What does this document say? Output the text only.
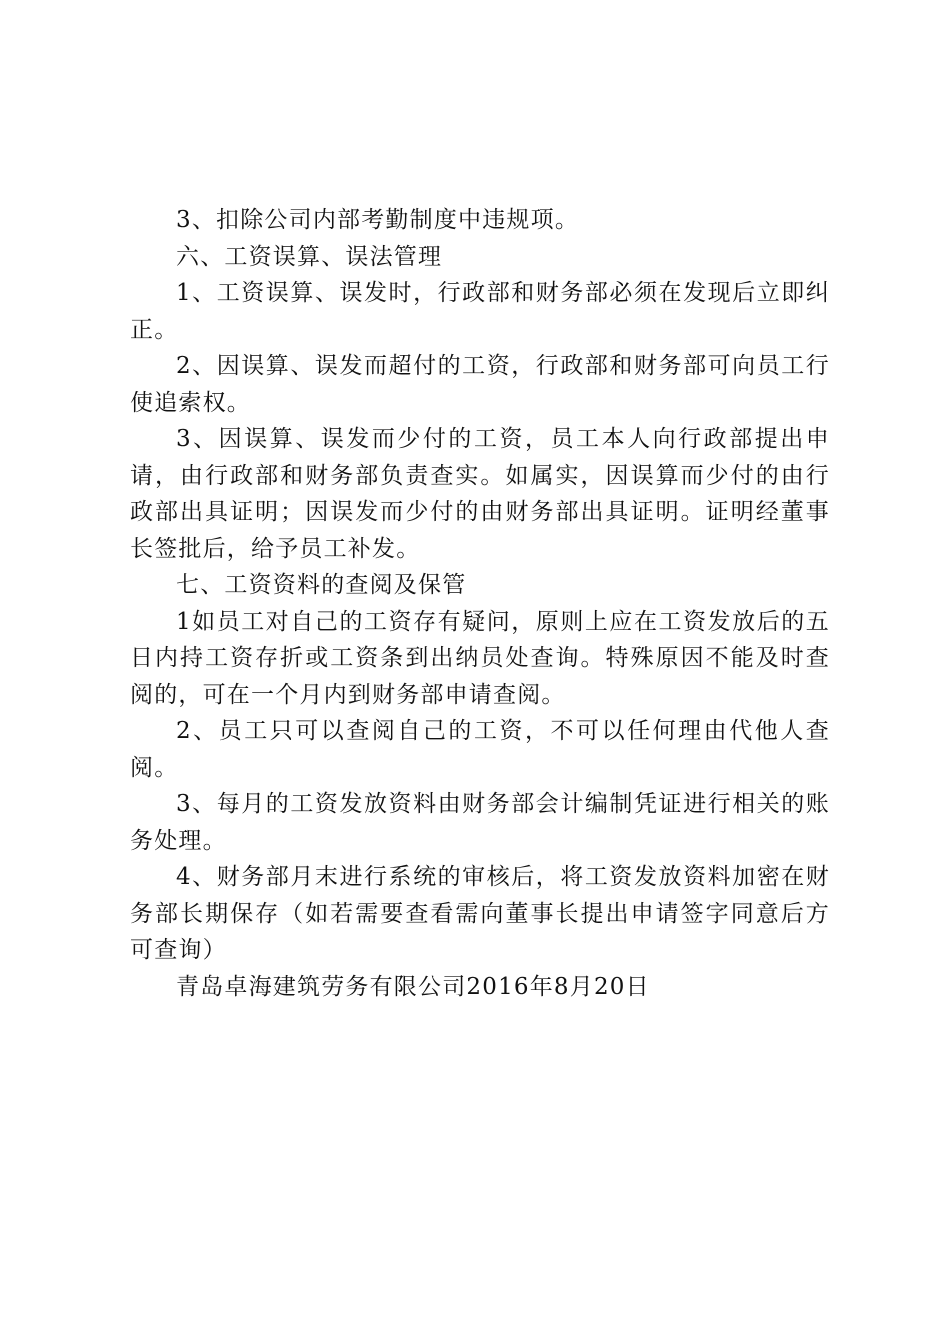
3、扣除公司内部考勤制度中违规项。

六、工资误算、误法管理

1、工资误算、误发时，行政部和财务部必须在发现后立即纠正。

2、因误算、误发而超付的工资，行政部和财务部可向员工行使追索权。

3、因误算、误发而少付的工资，员工本人向行政部提出申请，由行政部和财务部负责查实。如属实，因误算而少付的由行政部出具证明；因误发而少付的由财务部出具证明。证明经董事长签批后，给予员工补发。

七、工资资料的查阅及保管

1如员工对自己的工资存有疑问，原则上应在工资发放后的五日内持工资存折或工资条到出纳员处查询。特殊原因不能及时查阅的，可在一个月内到财务部申请查阅。

2、员工只可以查阅自己的工资，不可以任何理由代他人查阅。

3、每月的工资发放资料由财务部会计编制凭证进行相关的账务处理。

4、财务部月末进行系统的审核后，将工资发放资料加密在财务部长期保存（如若需要查看需向董事长提出申请签字同意后方可查询）

青岛卓海建筑劳务有限公司2016年8月20日
